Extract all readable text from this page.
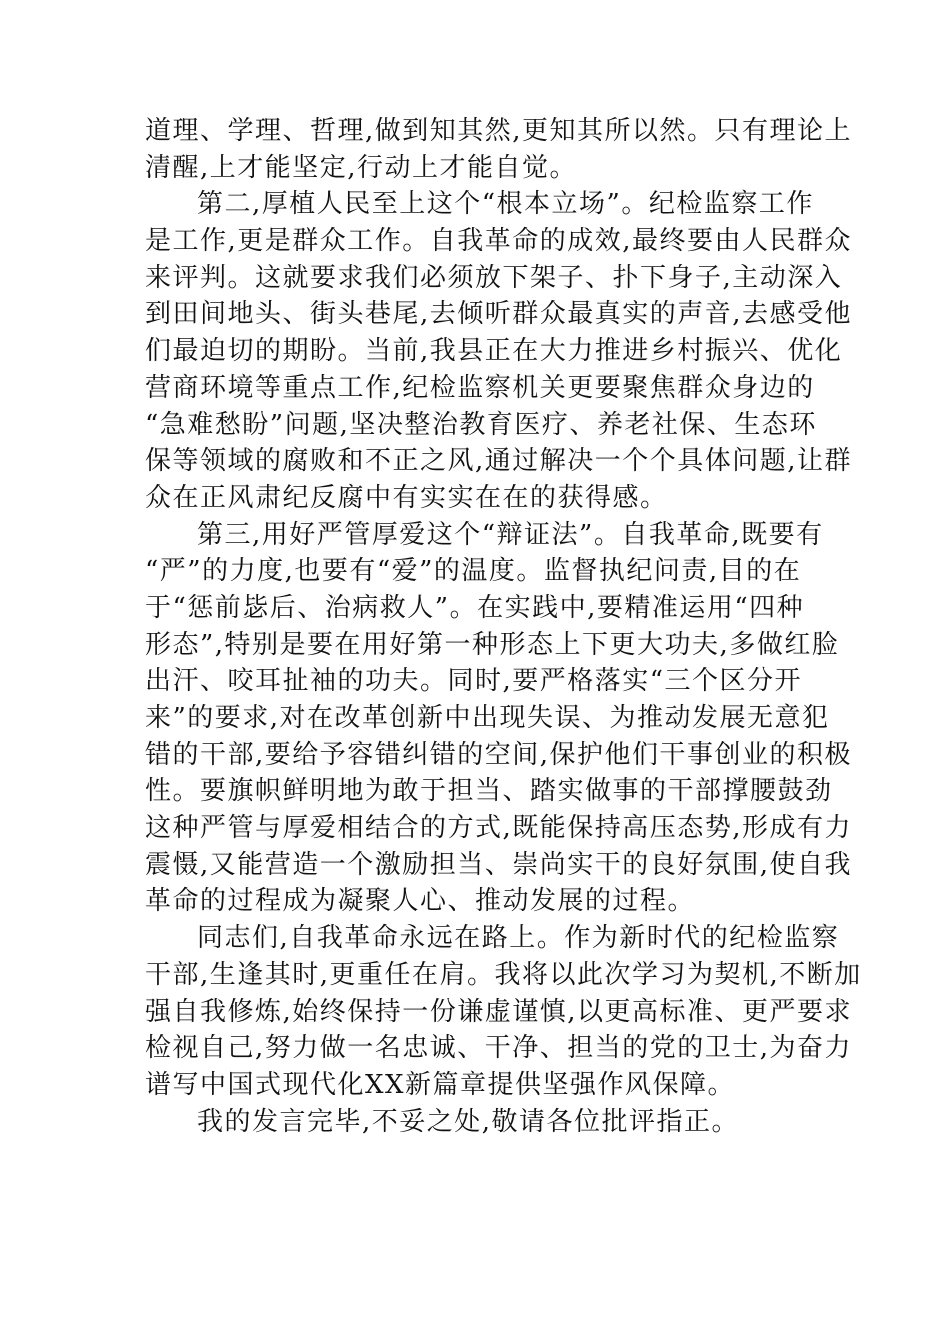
道理、学理、哲理,做到知其然,更知其所以然。只有理论上
清醒,上才能坚定,行动上才能自觉。
第二,厚植人民至上这个“根本立场”。纪检监察工作
是工作,更是群众工作。自我革命的成效,最终要由人民群众
来评判。这就要求我们必须放下架子、扑下身子,主动深入
到田间地头、街头巷尾,去倾听群众最真实的声音,去感受他
们最迫切的期盼。当前,我县正在大力推进乡村振兴、优化
营商环境等重点工作,纪检监察机关更要聚焦群众身边的
“急难愁盼”问题,坚决整治教育医疗、养老社保、生态环
保等领域的腐败和不正之风,通过解决一个个具体问题,让群
众在正风肃纪反腐中有实实在在的获得感。
第三,用好严管厚爱这个“辩证法”。自我革命,既要有
“严”的力度,也要有“爱”的温度。监督执纪问责,目的在
于“惩前毖后、治病救人”。在实践中,要精准运用“四种
形态”,特别是要在用好第一种形态上下更大功夫,多做红脸
出汗、咬耳扯袖的功夫。同时,要严格落实“三个区分开
来”的要求,对在改革创新中出现失误、为推动发展无意犯
错的干部,要给予容错纠错的空间,保护他们干事创业的积极
性。要旗帜鲜明地为敢于担当、踏实做事的干部撑腰鼓劲
这种严管与厚爱相结合的方式,既能保持高压态势,形成有力
震慑,又能营造一个激励担当、崇尚实干的良好氛围,使自我
革命的过程成为凝聚人心、推动发展的过程。
同志们,自我革命永远在路上。作为新时代的纪检监察
干部,生逢其时,更重任在肩。我将以此次学习为契机,不断加
强自我修炼,始终保持一份谦虚谨慎,以更高标准、更严要求
检视自己,努力做一名忠诚、干净、担当的党的卫士,为奋力
谱写中国式现代化XX新篇章提供坚强作风保障。
我的发言完毕,不妥之处,敬请各位批评指正。
